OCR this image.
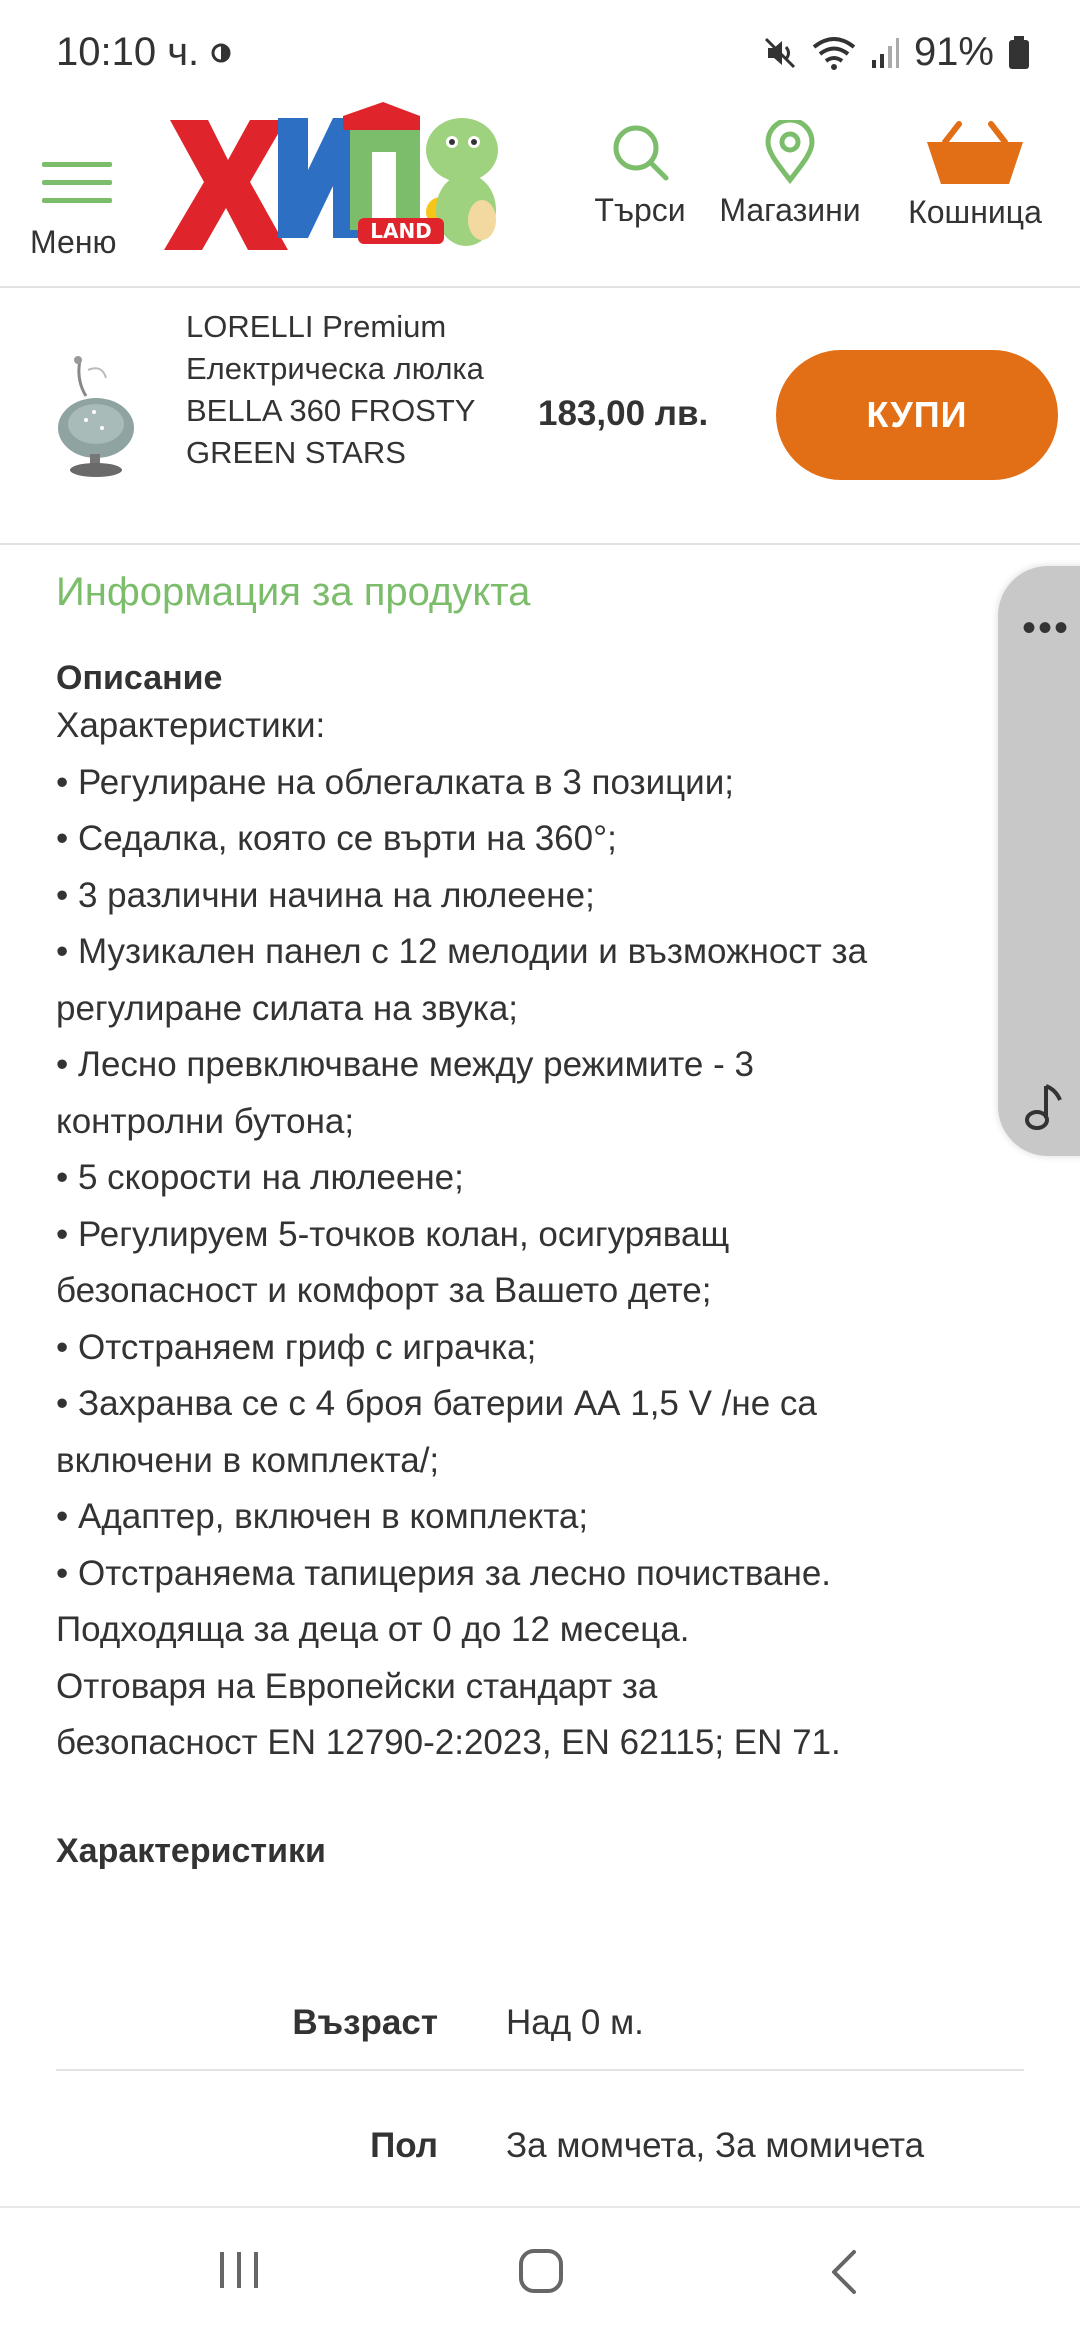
10:10 ч.	91%
Меню	LAND
Търси Магазини Кошница
LORELLI Premium Електрическа люлка BELLA 360 FROSTY GREEN STARS
183,00 лв.	КУПИ
Информация за продукта
Описание
Характеристики:
• Регулиране на облегалката в 3 позиции;
• Седалка, която се върти на 360°;
• 3 различни начина на люлеене;
• Музикален панел с 12 мелодии и възможност за
регулиране силата на звука;
• Лесно превключване между режимите - 3
контролни бутона;
• 5 скорости на люлеене;
• Регулируем 5-точков колан, осигуряващ
безопасност и комфорт за Вашето дете;
• Отстраняем гриф с играчка;
• Захранва се с 4 броя батерии АА 1,5 V /не са
включени в комплекта/;
• Адаптер, включен в комплекта;
• Отстраняема тапицерия за лесно почистване.
Подходяща за деца от 0 до 12 месеца.
Отговаря на Европейски стандарт за
безопасност EN 12790-2:2023, EN 62115; EN 71.
Характеристики
Възраст	Над 0 м.
Пол	За момчета, За момичета
•••
